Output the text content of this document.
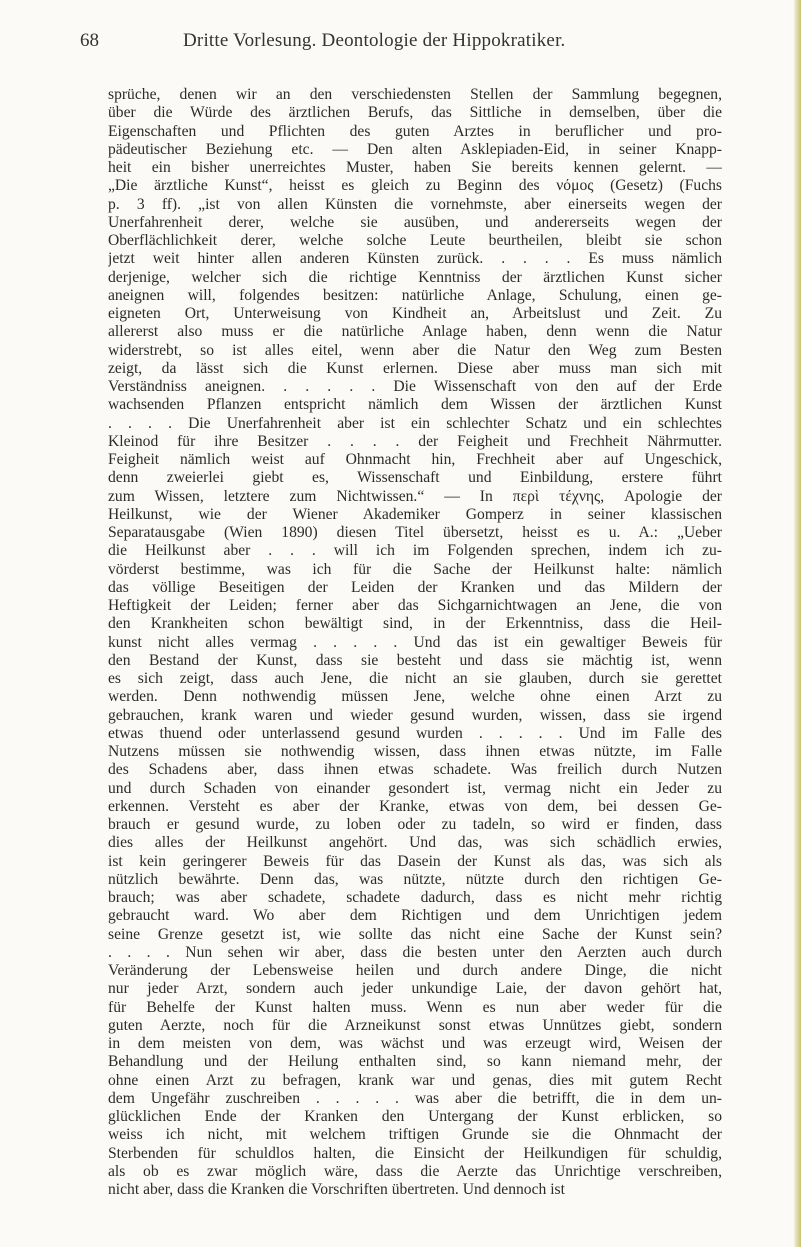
68	Dritte Vorlesung. Deontologie der Hippokratiker.
sprüche, denen wir an den verschiedensten Stellen der Sammlung begegnen,
über die Würde des ärztlichen Berufs, das Sittliche in demselben, über die
Eigenschaften und Pflichten des guten Arztes in beruflicher und pro-
pädeutischer Beziehung etc. — Den alten Asklepiaden-Eid, in seiner Knapp-
heit ein bisher unerreichtes Muster, haben Sie bereits kennen gelernt. —
„Die ärztliche Kunst“, heisst es gleich zu Beginn des νόμος (Gesetz) (Fuchs
p. 3 ff). „ist von allen Künsten die vornehmste, aber einerseits wegen der
Unerfahrenheit derer, welche sie ausüben, und andererseits wegen der
Oberflächlichkeit derer, welche solche Leute beurtheilen, bleibt sie schon
jetzt weit hinter allen anderen Künsten zurück. . . . . Es muss nämlich
derjenige, welcher sich die richtige Kenntniss der ärztlichen Kunst sicher
aneignen will, folgendes besitzen: natürliche Anlage, Schulung, einen ge-
eigneten Ort, Unterweisung von Kindheit an, Arbeitslust und Zeit. Zu
allererst also muss er die natürliche Anlage haben, denn wenn die Natur
widerstrebt, so ist alles eitel, wenn aber die Natur den Weg zum Besten
zeigt, da lässt sich die Kunst erlernen. Diese aber muss man sich mit
Verständniss aneignen. . . . . . Die Wissenschaft von den auf der Erde
wachsenden Pflanzen entspricht nämlich dem Wissen der ärztlichen Kunst
. . . . Die Unerfahrenheit aber ist ein schlechter Schatz und ein schlechtes
Kleinod für ihre Besitzer . . . . der Feigheit und Frechheit Nährmutter.
Feigheit nämlich weist auf Ohnmacht hin, Frechheit aber auf Ungeschick,
denn zweierlei giebt es, Wissenschaft und Einbildung, erstere führt
zum Wissen, letztere zum Nichtwissen.“ — In περὶ τέχνης, Apologie der
Heilkunst, wie der Wiener Akademiker Gomperz in seiner klassischen
Separatausgabe (Wien 1890) diesen Titel übersetzt, heisst es u. A.: „Ueber
die Heilkunst aber . . . will ich im Folgenden sprechen, indem ich zu-
vörderst bestimme, was ich für die Sache der Heilkunst halte: nämlich
das völlige Beseitigen der Leiden der Kranken und das Mildern der
Heftigkeit der Leiden; ferner aber das Sichgarnichtwagen an Jene, die von
den Krankheiten schon bewältigt sind, in der Erkenntniss, dass die Heil-
kunst nicht alles vermag . . . . . Und das ist ein gewaltiger Beweis für
den Bestand der Kunst, dass sie besteht und dass sie mächtig ist, wenn
es sich zeigt, dass auch Jene, die nicht an sie glauben, durch sie gerettet
werden. Denn nothwendig müssen Jene, welche ohne einen Arzt zu
gebrauchen, krank waren und wieder gesund wurden, wissen, dass sie irgend
etwas thuend oder unterlassend gesund wurden . . . . . Und im Falle des
Nutzens müssen sie nothwendig wissen, dass ihnen etwas nützte, im Falle
des Schadens aber, dass ihnen etwas schadete. Was freilich durch Nutzen
und durch Schaden von einander gesondert ist, vermag nicht ein Jeder zu
erkennen. Versteht es aber der Kranke, etwas von dem, bei dessen Ge-
brauch er gesund wurde, zu loben oder zu tadeln, so wird er finden, dass
dies alles der Heilkunst angehört. Und das, was sich schädlich erwies,
ist kein geringerer Beweis für das Dasein der Kunst als das, was sich als
nützlich bewährte. Denn das, was nützte, nützte durch den richtigen Ge-
brauch; was aber schadete, schadete dadurch, dass es nicht mehr richtig
gebraucht ward. Wo aber dem Richtigen und dem Unrichtigen jedem
seine Grenze gesetzt ist, wie sollte das nicht eine Sache der Kunst sein?
. . . . Nun sehen wir aber, dass die besten unter den Aerzten auch durch
Veränderung der Lebensweise heilen und durch andere Dinge, die nicht
nur jeder Arzt, sondern auch jeder unkundige Laie, der davon gehört hat,
für Behelfe der Kunst halten muss. Wenn es nun aber weder für die
guten Aerzte, noch für die Arzneikunst sonst etwas Unnützes giebt, sondern
in dem meisten von dem, was wächst und was erzeugt wird, Weisen der
Behandlung und der Heilung enthalten sind, so kann niemand mehr, der
ohne einen Arzt zu befragen, krank war und genas, dies mit gutem Recht
dem Ungefähr zuschreiben . . . . . was aber die betrifft, die in dem un-
glücklichen Ende der Kranken den Untergang der Kunst erblicken, so
weiss ich nicht, mit welchem triftigen Grunde sie die Ohnmacht der
Sterbenden für schuldlos halten, die Einsicht der Heilkundigen für schuldig,
als ob es zwar möglich wäre, dass die Aerzte das Unrichtige verschreiben,
nicht aber, dass die Kranken die Vorschriften übertreten. Und dennoch ist
